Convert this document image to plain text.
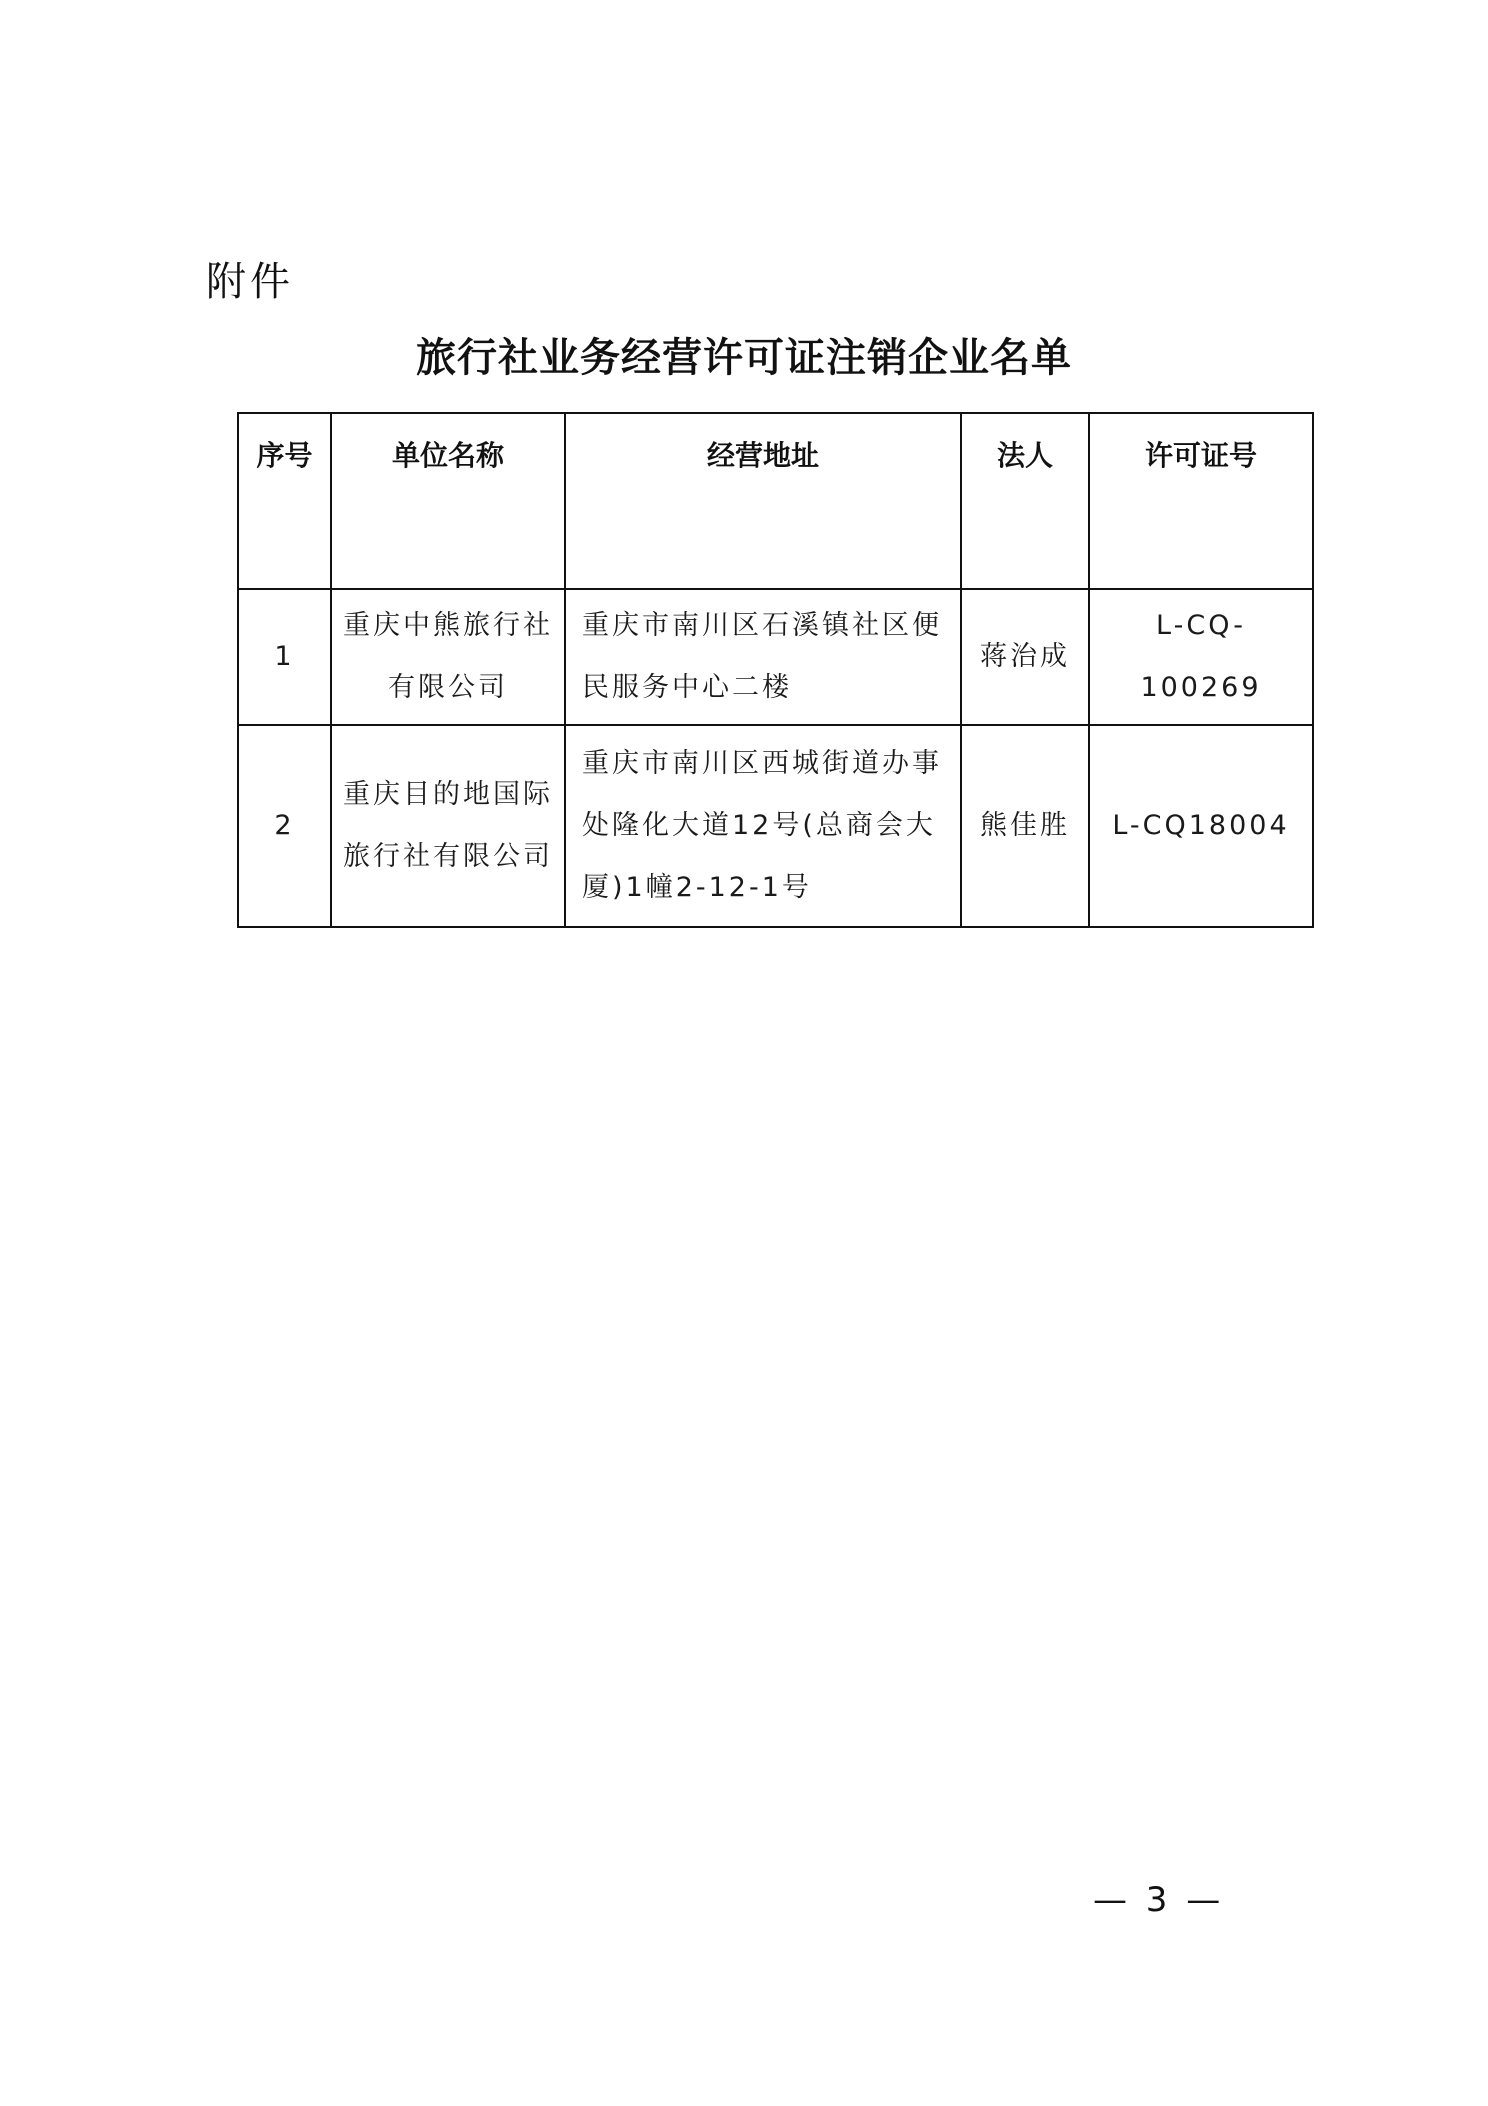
附件
旅行社业务经营许可证注销企业名单
序号	单位名称	经营地址	法人	许可证号
1	重庆中熊旅行社有限公司	重庆市南川区石溪镇社区便民服务中心二楼	蒋治成	L-CQ-100269
2	重庆目的地国际旅行社有限公司	重庆市南川区西城街道办事处隆化大道12号(总商会大厦)1幢2-12-1号	熊佳胜	L-CQ18004
— 3 —
